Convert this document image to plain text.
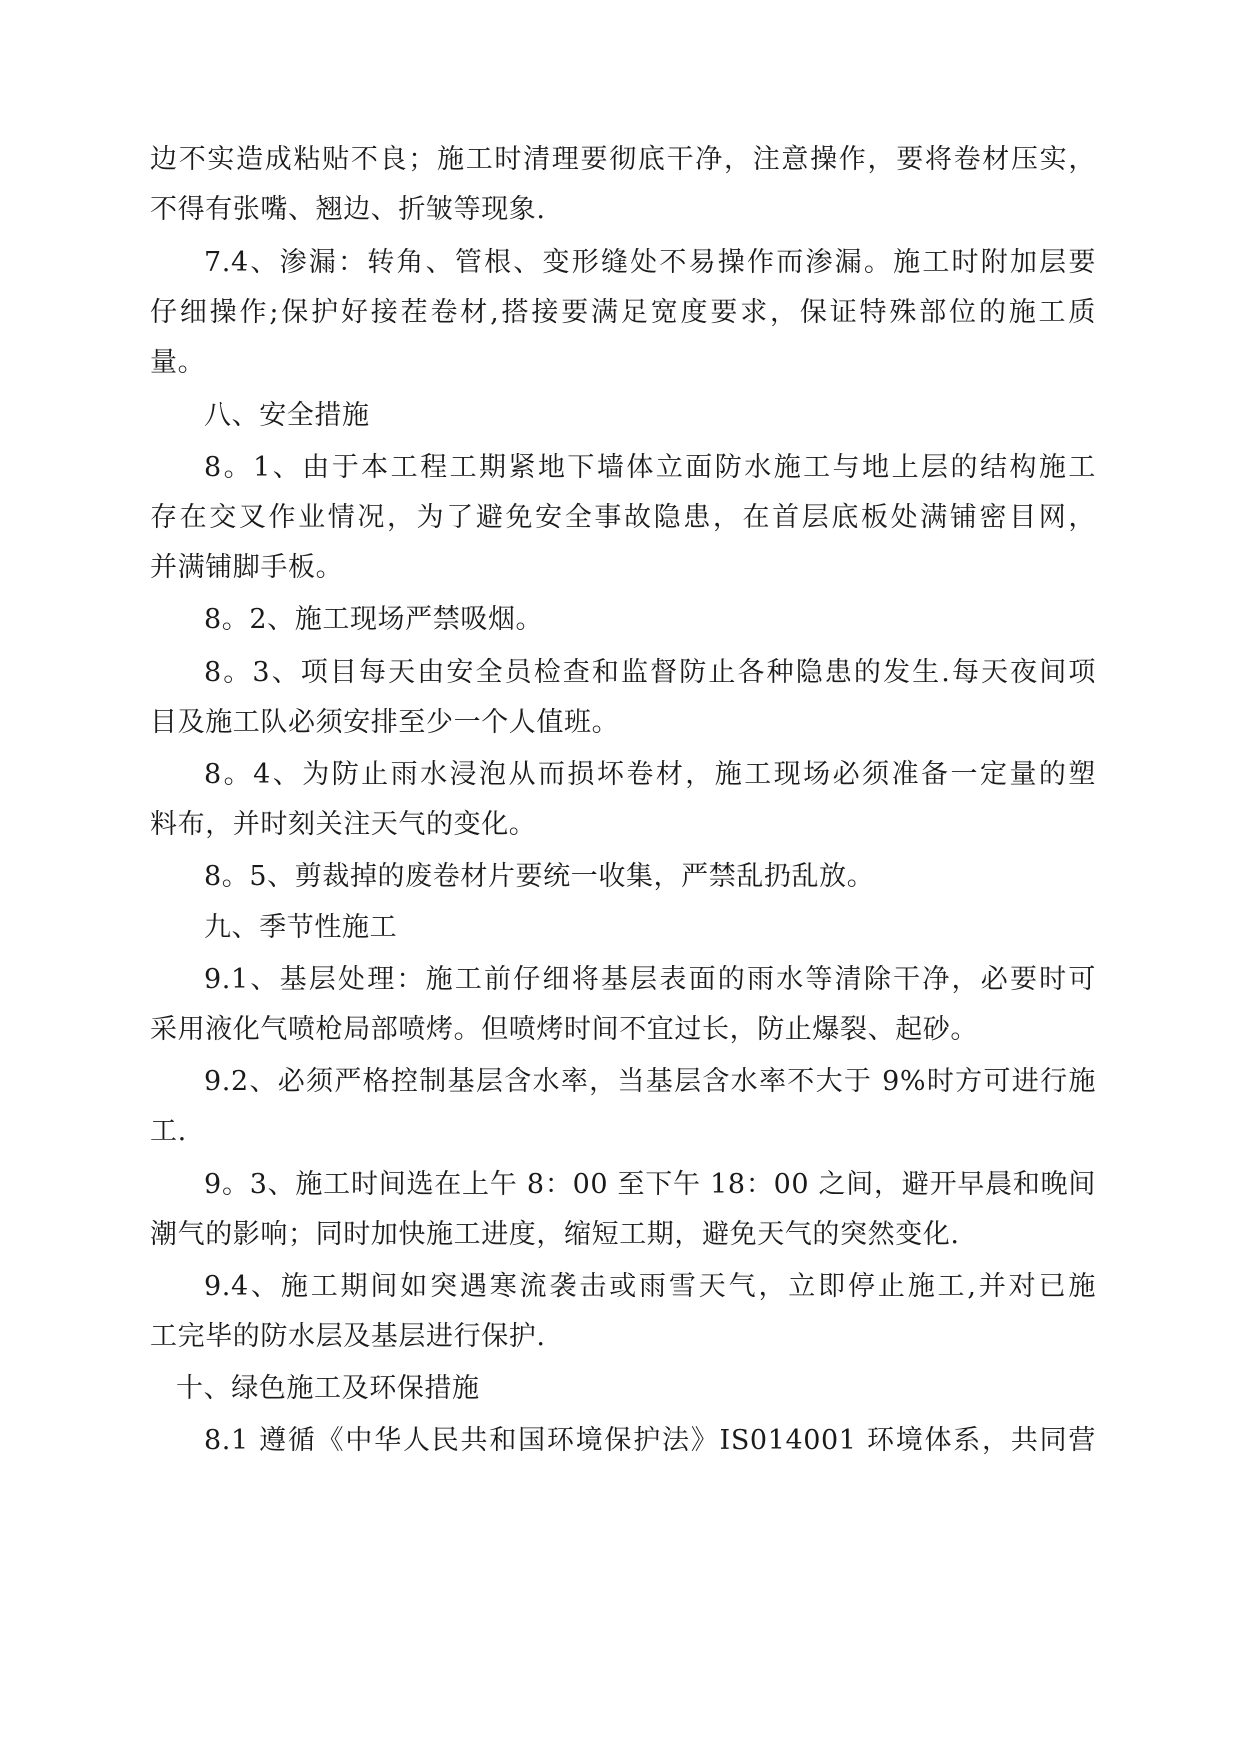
边不实造成粘贴不良；施工时清理要彻底干净，注意操作，要将卷材压实，
不得有张嘴、翘边、折皱等现象.
7.4、渗漏：转角、管根、变形缝处不易操作而渗漏。施工时附加层要
仔细操作;保护好接茬卷材,搭接要满足宽度要求，保证特殊部位的施工质
量。
八、安全措施
8。1、由于本工程工期紧地下墙体立面防水施工与地上层的结构施工
存在交叉作业情况，为了避免安全事故隐患，在首层底板处满铺密目网，
并满铺脚手板。
8。2、施工现场严禁吸烟。
8。3、项目每天由安全员检查和监督防止各种隐患的发生.每天夜间项
目及施工队必须安排至少一个人值班。
8。4、为防止雨水浸泡从而损坏卷材，施工现场必须准备一定量的塑
料布，并时刻关注天气的变化。
8。5、剪裁掉的废卷材片要统一收集，严禁乱扔乱放。
九、季节性施工
9.1、基层处理：施工前仔细将基层表面的雨水等清除干净，必要时可
采用液化气喷枪局部喷烤。但喷烤时间不宜过长，防止爆裂、起砂。
9.2、必须严格控制基层含水率，当基层含水率不大于 9%时方可进行施
工.
9。3、施工时间选在上午 8：00 至下午 18：00 之间，避开早晨和晚间
潮气的影响；同时加快施工进度，缩短工期，避免天气的突然变化.
9.4、施工期间如突遇寒流袭击或雨雪天气，立即停止施工,并对已施
工完毕的防水层及基层进行保护.
十、绿色施工及环保措施
8.1 遵循《中华人民共和国环境保护法》IS014001 环境体系，共同营
